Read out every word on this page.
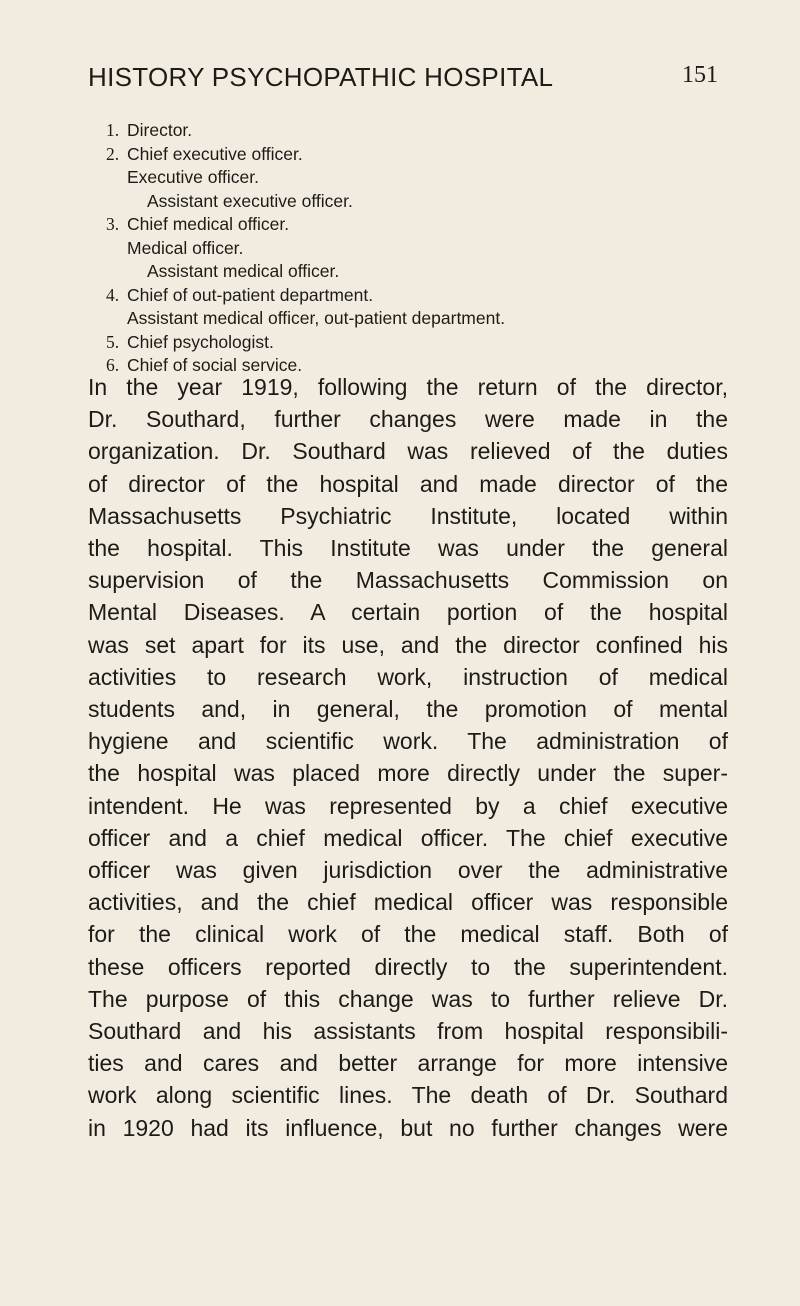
HISTORY PSYCHOPATHIC HOSPITAL	151
1. Director.
2. Chief executive officer.
Executive officer.
Assistant executive officer.
3. Chief medical officer.
Medical officer.
Assistant medical officer.
4. Chief of out-patient department.
Assistant medical officer, out-patient department.
5. Chief psychologist.
6. Chief of social service.

In the year 1919, following the return of the director,
Dr. Southard, further changes were made in the
organization. Dr. Southard was relieved of the duties
of director of the hospital and made director of the
Massachusetts Psychiatric Institute, located within
the hospital. This Institute was under the general
supervision of the Massachusetts Commission on
Mental Diseases. A certain portion of the hospital
was set apart for its use, and the director confined his
activities to research work, instruction of medical
students and, in general, the promotion of mental
hygiene and scientific work. The administration of
the hospital was placed more directly under the super-
intendent. He was represented by a chief executive
officer and a chief medical officer. The chief executive
officer was given jurisdiction over the administrative
activities, and the chief medical officer was responsible
for the clinical work of the medical staff. Both of
these officers reported directly to the superintendent.
The purpose of this change was to further relieve Dr.
Southard and his assistants from hospital responsibili-
ties and cares and better arrange for more intensive
work along scientific lines. The death of Dr. Southard
in 1920 had its influence, but no further changes were
